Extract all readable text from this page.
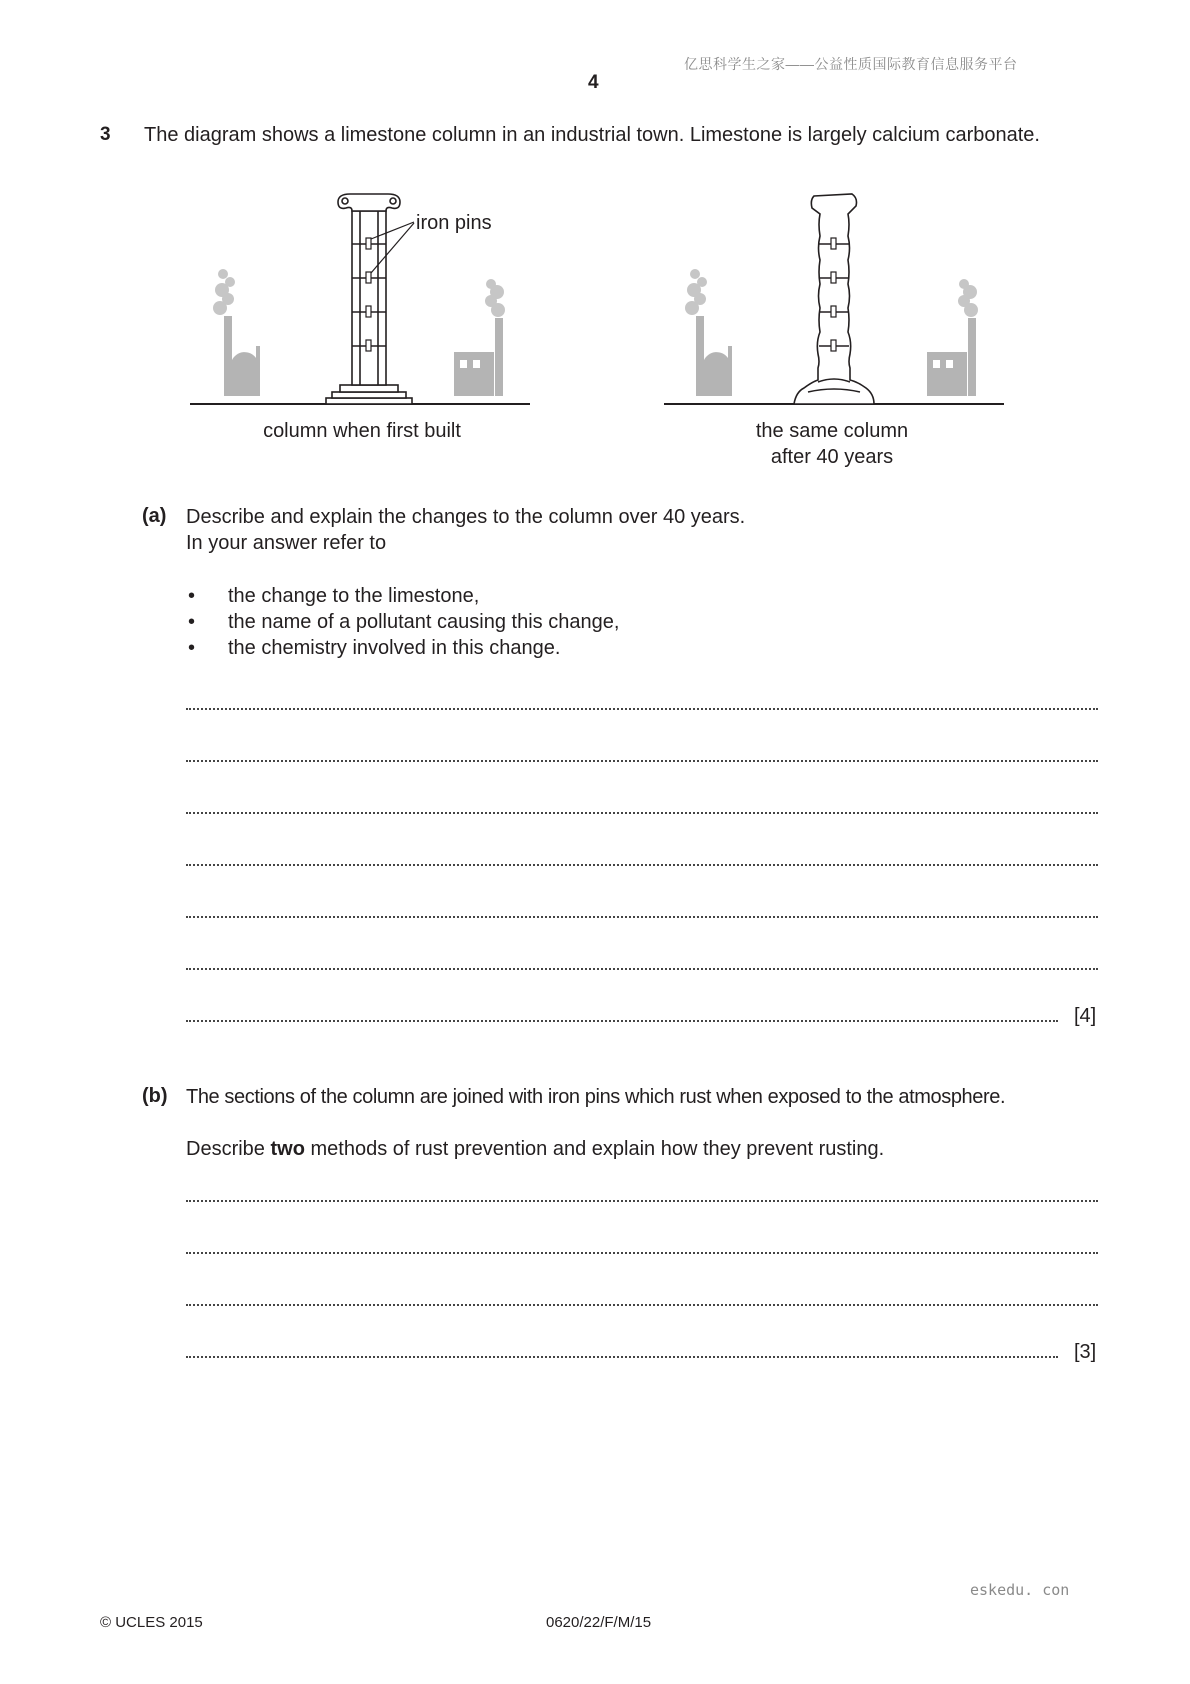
亿思科学生之家——公益性质国际教育信息服务平台
4
3 The diagram shows a limestone column in an industrial town. Limestone is largely calcium carbonate.
iron pins
column when first built	the same column
after 40 years
(a) Describe and explain the changes to the column over 40 years.
In your answer refer to
• the change to the limestone,
• the name of a pollutant causing this change,
• the chemistry involved in this change.
[4]
(b) The sections of the column are joined with iron pins which rust when exposed to the atmosphere.
Describe two methods of rust prevention and explain how they prevent rusting.
[3]
eskedu. con
© UCLES 2015	0620/22/F/M/15
